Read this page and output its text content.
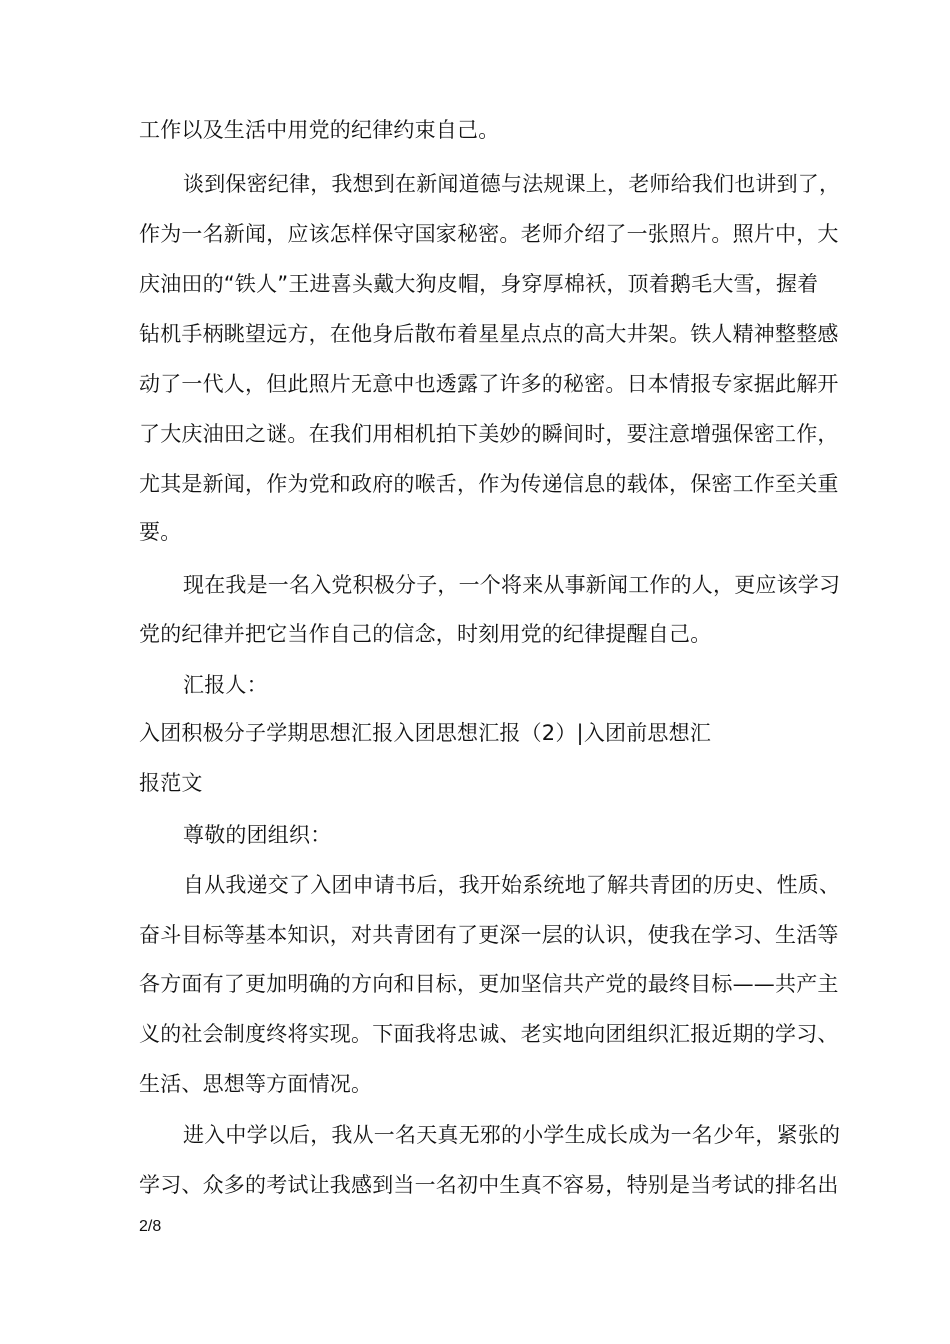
工作以及生活中用党的纪律约束自己。
谈到保密纪律，我想到在新闻道德与法规课上，老师给我们也讲到了，
作为一名新闻，应该怎样保守国家秘密。老师介绍了一张照片。照片中，大
庆油田的“铁人”王进喜头戴大狗皮帽，身穿厚棉袄，顶着鹅毛大雪，握着
钻机手柄眺望远方，在他身后散布着星星点点的高大井架。铁人精神整整感
动了一代人，但此照片无意中也透露了许多的秘密。日本情报专家据此解开
了大庆油田之谜。在我们用相机拍下美妙的瞬间时，要注意增强保密工作，
尤其是新闻，作为党和政府的喉舌，作为传递信息的载体，保密工作至关重
要。
现在我是一名入党积极分子，一个将来从事新闻工作的人，更应该学习
党的纪律并把它当作自己的信念，时刻用党的纪律提醒自己。
汇报人：
入团积极分子学期思想汇报入团思想汇报（2）|入团前思想汇
报范文
尊敬的团组织：
自从我递交了入团申请书后，我开始系统地了解共青团的历史、性质、
奋斗目标等基本知识，对共青团有了更深一层的认识，使我在学习、生活等
各方面有了更加明确的方向和目标，更加坚信共产党的最终目标——共产主
义的社会制度终将实现。下面我将忠诚、老实地向团组织汇报近期的学习、
生活、思想等方面情况。
进入中学以后，我从一名天真无邪的小学生成长成为一名少年，紧张的
学习、众多的考试让我感到当一名初中生真不容易，特别是当考试的排名出
2/8
